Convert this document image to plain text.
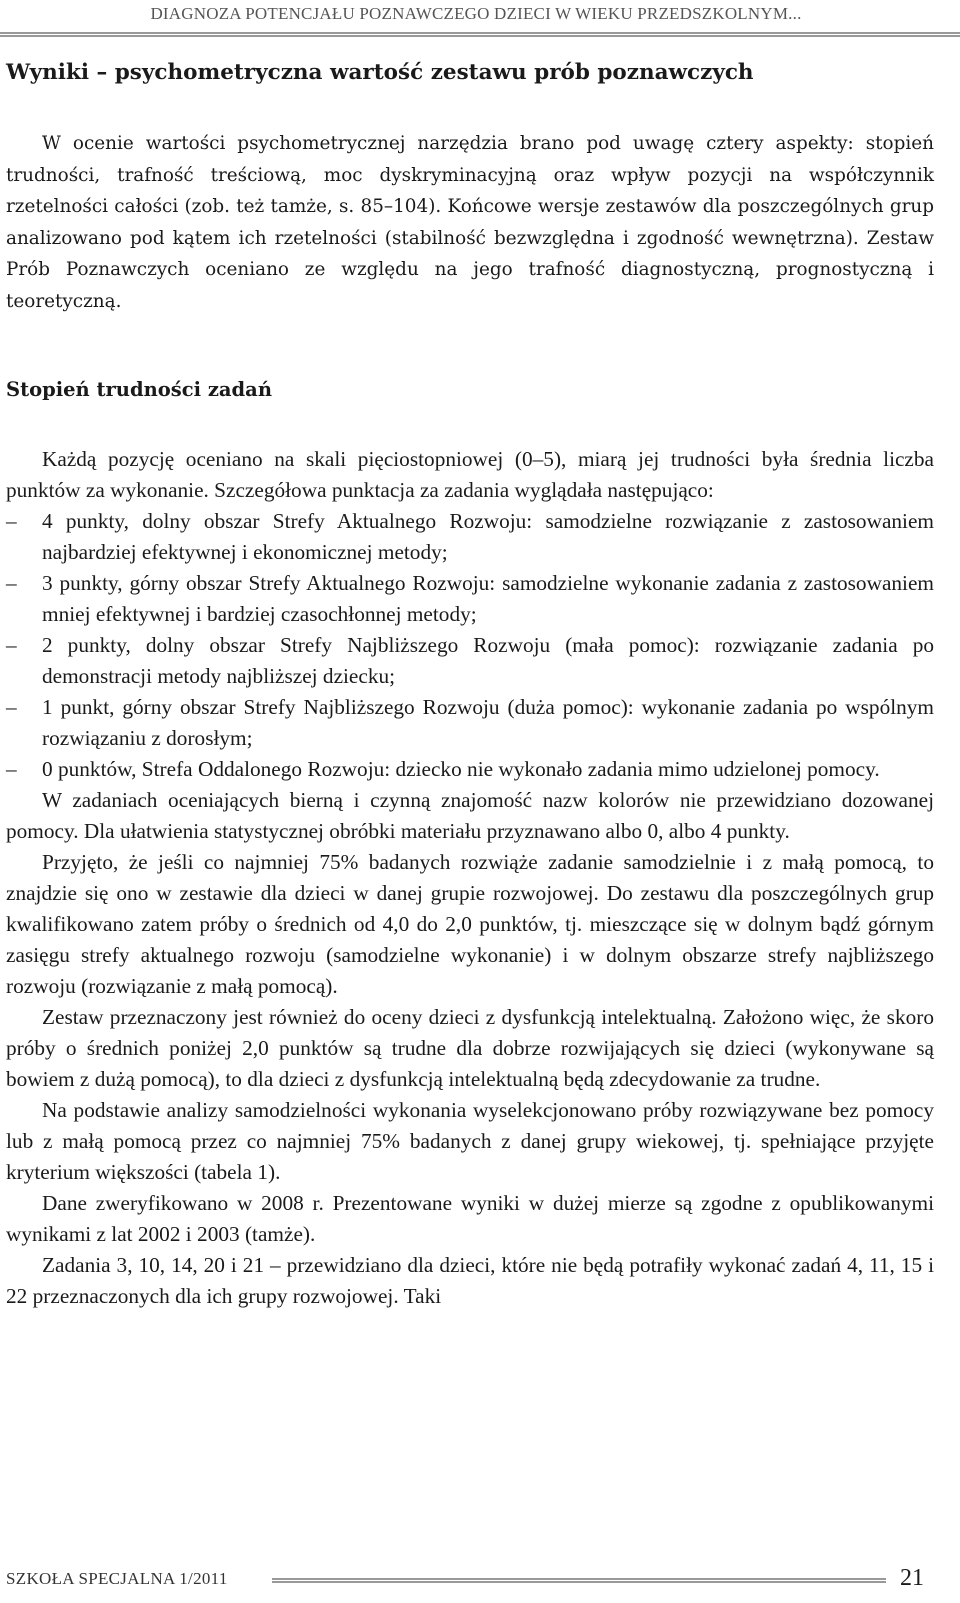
DIAGNOZA POTENCJAŁU POZNAWCZEGO DZIECI W WIEKU PRZEDSZKOLNYM...
Wyniki – psychometryczna wartość zestawu prób poznawczych

W ocenie wartości psychometrycznej narzędzia brano pod uwagę cztery aspekty: stopień trudności, trafność treściową, moc dyskryminacyjną oraz wpływ pozycji na współczynnik rzetelności całości (zob. też tamże, s. 85–104). Końcowe wersje zestawów dla poszczególnych grup analizowano pod kątem ich rzetelności (stabilność bezwzględna i zgodność wewnętrzna). Zestaw Prób Poznawczych oceniano ze względu na jego trafność diagnostyczną, prognostyczną i teoretyczną.

Stopień trudności zadań

Każdą pozycję oceniano na skali pięciostopniowej (0–5), miarą jej trudności była średnia liczba punktów za wykonanie. Szczegółowa punktacja za zadania wyglądała następująco:

– 4 punkty, dolny obszar Strefy Aktualnego Rozwoju: samodzielne rozwiązanie z zastosowaniem najbardziej efektywnej i ekonomicznej metody;
– 3 punkty, górny obszar Strefy Aktualnego Rozwoju: samodzielne wykonanie zadania z zastosowaniem mniej efektywnej i bardziej czasochłonnej metody;
– 2 punkty, dolny obszar Strefy Najbliższego Rozwoju (mała pomoc): rozwiązanie zadania po demonstracji metody najbliższej dziecku;
– 1 punkt, górny obszar Strefy Najbliższego Rozwoju (duża pomoc): wykonanie zadania po wspólnym rozwiązaniu z dorosłym;
– 0 punktów, Strefa Oddalonego Rozwoju: dziecko nie wykonało zadania mimo udzielonej pomocy.

W zadaniach oceniających bierną i czynną znajomość nazw kolorów nie przewidziano dozowanej pomocy. Dla ułatwienia statystycznej obróbki materiału przyznawano albo 0, albo 4 punkty.

Przyjęto, że jeśli co najmniej 75% badanych rozwiąże zadanie samodzielnie i z małą pomocą, to znajdzie się ono w zestawie dla dzieci w danej grupie rozwojowej. Do zestawu dla poszczególnych grup kwalifikowano zatem próby o średnich od 4,0 do 2,0 punktów, tj. mieszczące się w dolnym bądź górnym zasięgu strefy aktualnego rozwoju (samodzielne wykonanie) i w dolnym obszarze strefy najbliższego rozwoju (rozwiązanie z małą pomocą).

Zestaw przeznaczony jest również do oceny dzieci z dysfunkcją intelektualną. Założono więc, że skoro próby o średnich poniżej 2,0 punktów są trudne dla dobrze rozwijających się dzieci (wykonywane są bowiem z dużą pomocą), to dla dzieci z dysfunkcją intelektualną będą zdecydowanie za trudne.

Na podstawie analizy samodzielności wykonania wyselekcjonowano próby rozwiązywane bez pomocy lub z małą pomocą przez co najmniej 75% badanych z danej grupy wiekowej, tj. spełniające przyjęte kryterium większości (tabela 1).

Dane zweryfikowano w 2008 r. Prezentowane wyniki w dużej mierze są zgodne z opublikowanymi wynikami z lat 2002 i 2003 (tamże).

Zadania 3, 10, 14, 20 i 21 – przewidziano dla dzieci, które nie będą potrafiły wykonać zadań 4, 11, 15 i 22 przeznaczonych dla ich grupy rozwojowej. Taki

SZKOŁA SPECJALNA 1/2011	21
